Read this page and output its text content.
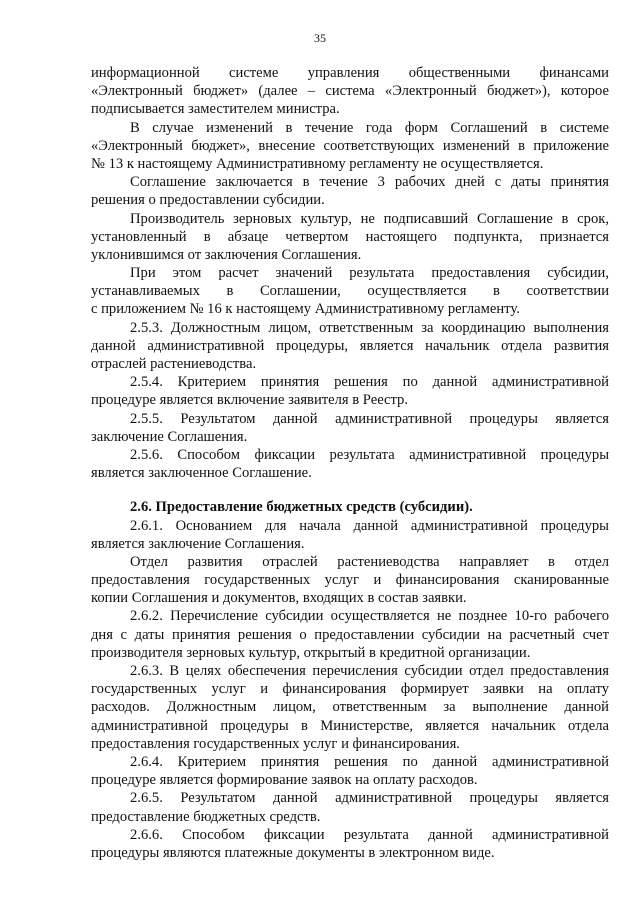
35
информационной системе управления общественными финансами
«Электронный бюджет» (далее – система «Электронный бюджет»), которое
подписывается заместителем министра.
В случае изменений в течение года форм Соглашений в системе
«Электронный бюджет», внесение соответствующих изменений в приложение
№ 13 к настоящему Административному регламенту не осуществляется.
Соглашение заключается в течение 3 рабочих дней с даты принятия
решения о предоставлении субсидии.
Производитель зерновых культур, не подписавший Соглашение в срок,
установленный в абзаце четвертом настоящего подпункта, признается
уклонившимся от заключения Соглашения.
При этом расчет значений результата предоставления субсидии,
устанавливаемых в Соглашении, осуществляется в соответствии
с приложением № 16 к настоящему Административному регламенту.
2.5.3. Должностным лицом, ответственным за координацию выполнения
данной административной процедуры, является начальник отдела развития
отраслей растениеводства.
2.5.4. Критерием принятия решения по данной административной
процедуре является включение заявителя в Реестр.
2.5.5. Результатом данной административной процедуры является
заключение Соглашения.
2.5.6. Способом фиксации результата административной процедуры
является заключенное Соглашение.
2.6. Предоставление бюджетных средств (субсидии).
2.6.1. Основанием для начала данной административной процедуры
является заключение Соглашения.
Отдел развития отраслей растениеводства направляет в отдел
предоставления государственных услуг и финансирования сканированные
копии Соглашения и документов, входящих в состав заявки.
2.6.2. Перечисление субсидии осуществляется не позднее 10-го рабочего
дня с даты принятия решения о предоставлении субсидии на расчетный счет
производителя зерновых культур, открытый в кредитной организации.
2.6.3. В целях обеспечения перечисления субсидии отдел предоставления
государственных услуг и финансирования формирует заявки на оплату
расходов. Должностным лицом, ответственным за выполнение данной
административной процедуры в Министерстве, является начальник отдела
предоставления государственных услуг и финансирования.
2.6.4. Критерием принятия решения по данной административной
процедуре является формирование заявок на оплату расходов.
2.6.5. Результатом данной административной процедуры является
предоставление бюджетных средств.
2.6.6. Способом фиксации результата данной административной
процедуры являются платежные документы в электронном виде.
